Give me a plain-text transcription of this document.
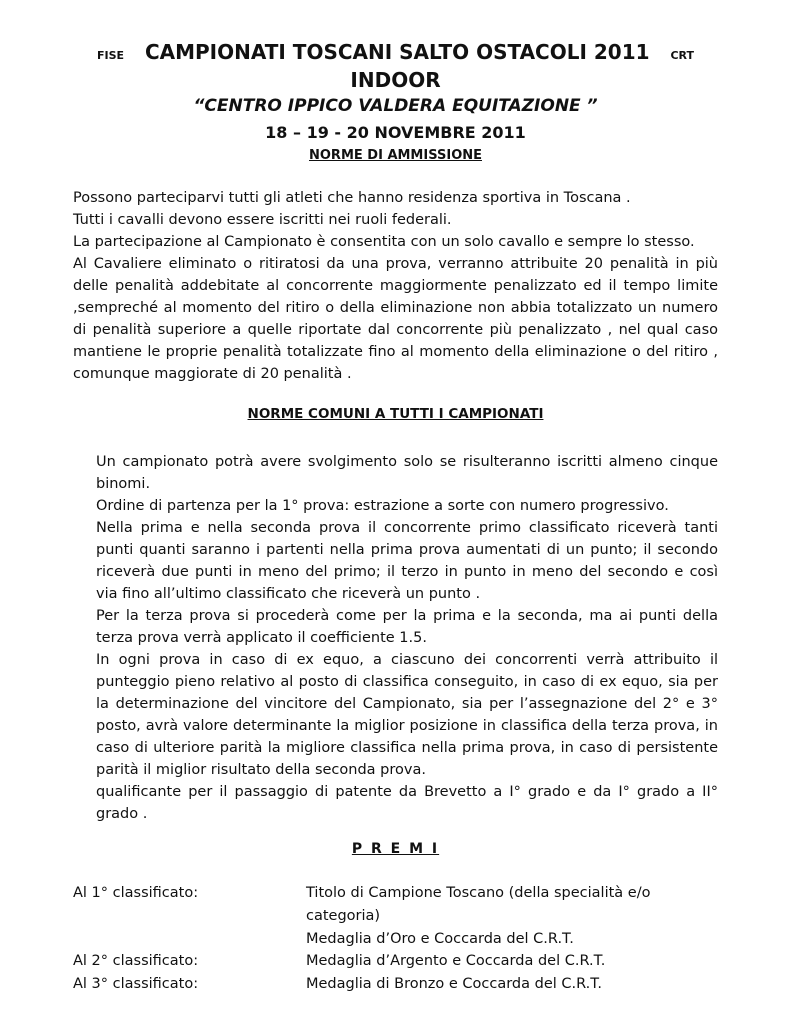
FISE CAMPIONATI TOSCANI SALTO OSTACOLI 2011 CRT
INDOOR
“CENTRO IPPICO VALDERA EQUITAZIONE ”
18 – 19 - 20 NOVEMBRE 2011
NORME DI AMMISSIONE

Possono parteciparvi tutti gli atleti che hanno residenza sportiva in Toscana .

Tutti i cavalli devono essere iscritti nei ruoli federali.

La partecipazione al Campionato è consentita con un solo cavallo e sempre lo stesso.

Al Cavaliere eliminato o ritiratosi da una prova, verranno attribuite 20 penalità in più delle penalità addebitate al concorrente maggiormente penalizzato ed il tempo limite ,sempreché al momento del ritiro o della eliminazione non abbia totalizzato un numero di penalità superiore a quelle riportate dal concorrente più penalizzato , nel qual caso mantiene le proprie penalità totalizzate fino al momento della eliminazione o del ritiro , comunque maggiorate di 20 penalità .

NORME COMUNI A TUTTI I CAMPIONATI

Un campionato potrà avere svolgimento solo se risulteranno iscritti almeno cinque binomi.

Ordine di partenza per la 1° prova: estrazione a sorte con numero progressivo.

Nella prima e nella seconda prova il concorrente primo classificato riceverà tanti punti quanti saranno i partenti nella prima prova aumentati di un punto; il secondo riceverà due punti in meno del primo; il terzo in punto in meno del secondo e così via fino all’ultimo classificato che riceverà un punto .

Per la terza prova si procederà come per la prima e la seconda, ma ai punti della terza prova verrà applicato il coefficiente 1.5.

In ogni prova in caso di ex equo, a ciascuno dei concorrenti verrà attribuito il punteggio pieno relativo al posto di classifica conseguito, in caso di ex equo, sia per la determinazione del vincitore del Campionato, sia per l’assegnazione del 2° e 3° posto, avrà valore determinante la miglior posizione in classifica della terza prova, in caso di ulteriore parità la migliore classifica nella prima prova, in caso di persistente parità il miglior risultato della seconda prova.

qualificante per il passaggio di patente da Brevetto a I° grado e da I° grado a II° grado .

P R E M I
Al 1° classificato:	Titolo di Campione Toscano (della specialità e/o categoria)
Medaglia d’Oro e Coccarda del C.R.T.
Al 2° classificato:	Medaglia d’Argento e Coccarda del C.R.T.
Al 3° classificato:	Medaglia di Bronzo e Coccarda del C.R.T.
